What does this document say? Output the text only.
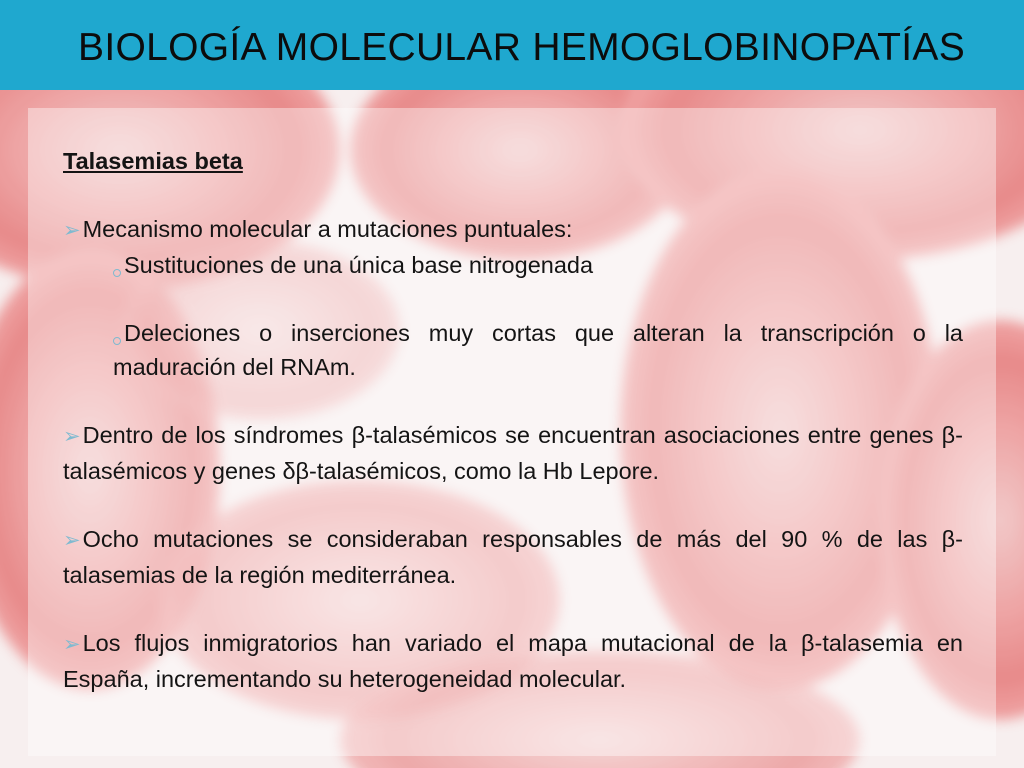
BIOLOGÍA MOLECULAR HEMOGLOBINOPATÍAS

Talasemias beta

➢Mecanismo molecular a mutaciones puntuales:

Sustituciones de una única base nitrogenada

Deleciones o inserciones muy cortas que alteran la transcripción o la maduración del RNAm.

➢Dentro de los síndromes β-talasémicos se encuentran asociaciones entre genes β-talasémicos y genes δβ-talasémicos, como la Hb Lepore.

➢Ocho mutaciones se consideraban responsables de más del 90 % de las β-talasemias de la región mediterránea.

➢Los flujos inmigratorios han variado el mapa mutacional de la β-talasemia en España, incrementando su heterogeneidad molecular.
